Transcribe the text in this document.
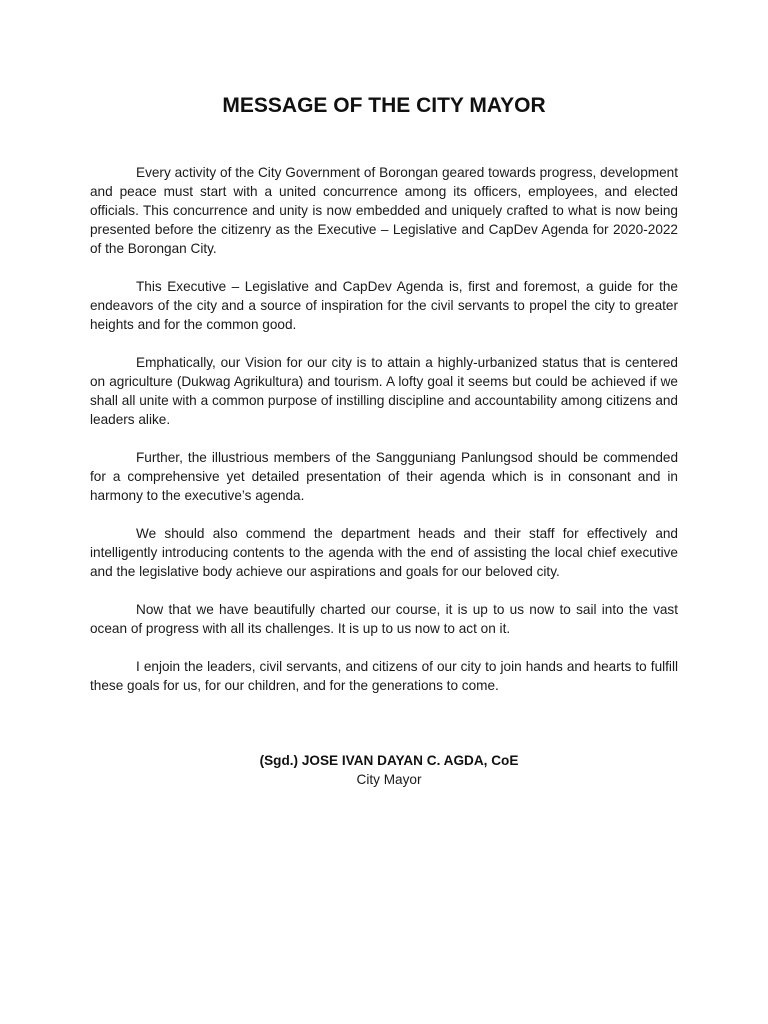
MESSAGE OF THE CITY MAYOR

Every activity of the City Government of Borongan geared towards progress, development and peace must start with a united concurrence among its officers, employees, and elected officials. This concurrence and unity is now embedded and uniquely crafted to what is now being presented before the citizenry as the Executive – Legislative and CapDev Agenda for 2020-2022 of the Borongan City.

This Executive – Legislative and CapDev Agenda is, first and foremost, a guide for the endeavors of the city and a source of inspiration for the civil servants to propel the city to greater heights and for the common good.

Emphatically, our Vision for our city is to attain a highly-urbanized status that is centered on agriculture (Dukwag Agrikultura) and tourism. A lofty goal it seems but could be achieved if we shall all unite with a common purpose of instilling discipline and accountability among citizens and leaders alike.

Further, the illustrious members of the Sangguniang Panlungsod should be commended for a comprehensive yet detailed presentation of their agenda which is in consonant and in harmony to the executive’s agenda.

We should also commend the department heads and their staff for effectively and intelligently introducing contents to the agenda with the end of assisting the local chief executive and the legislative body achieve our aspirations and goals for our beloved city.

Now that we have beautifully charted our course, it is up to us now to sail into the vast ocean of progress with all its challenges. It is up to us now to act on it.

I enjoin the leaders, civil servants, and citizens of our city to join hands and hearts to fulfill these goals for us, for our children, and for the generations to come.

(Sgd.) JOSE IVAN DAYAN C. AGDA, CoE
City Mayor
